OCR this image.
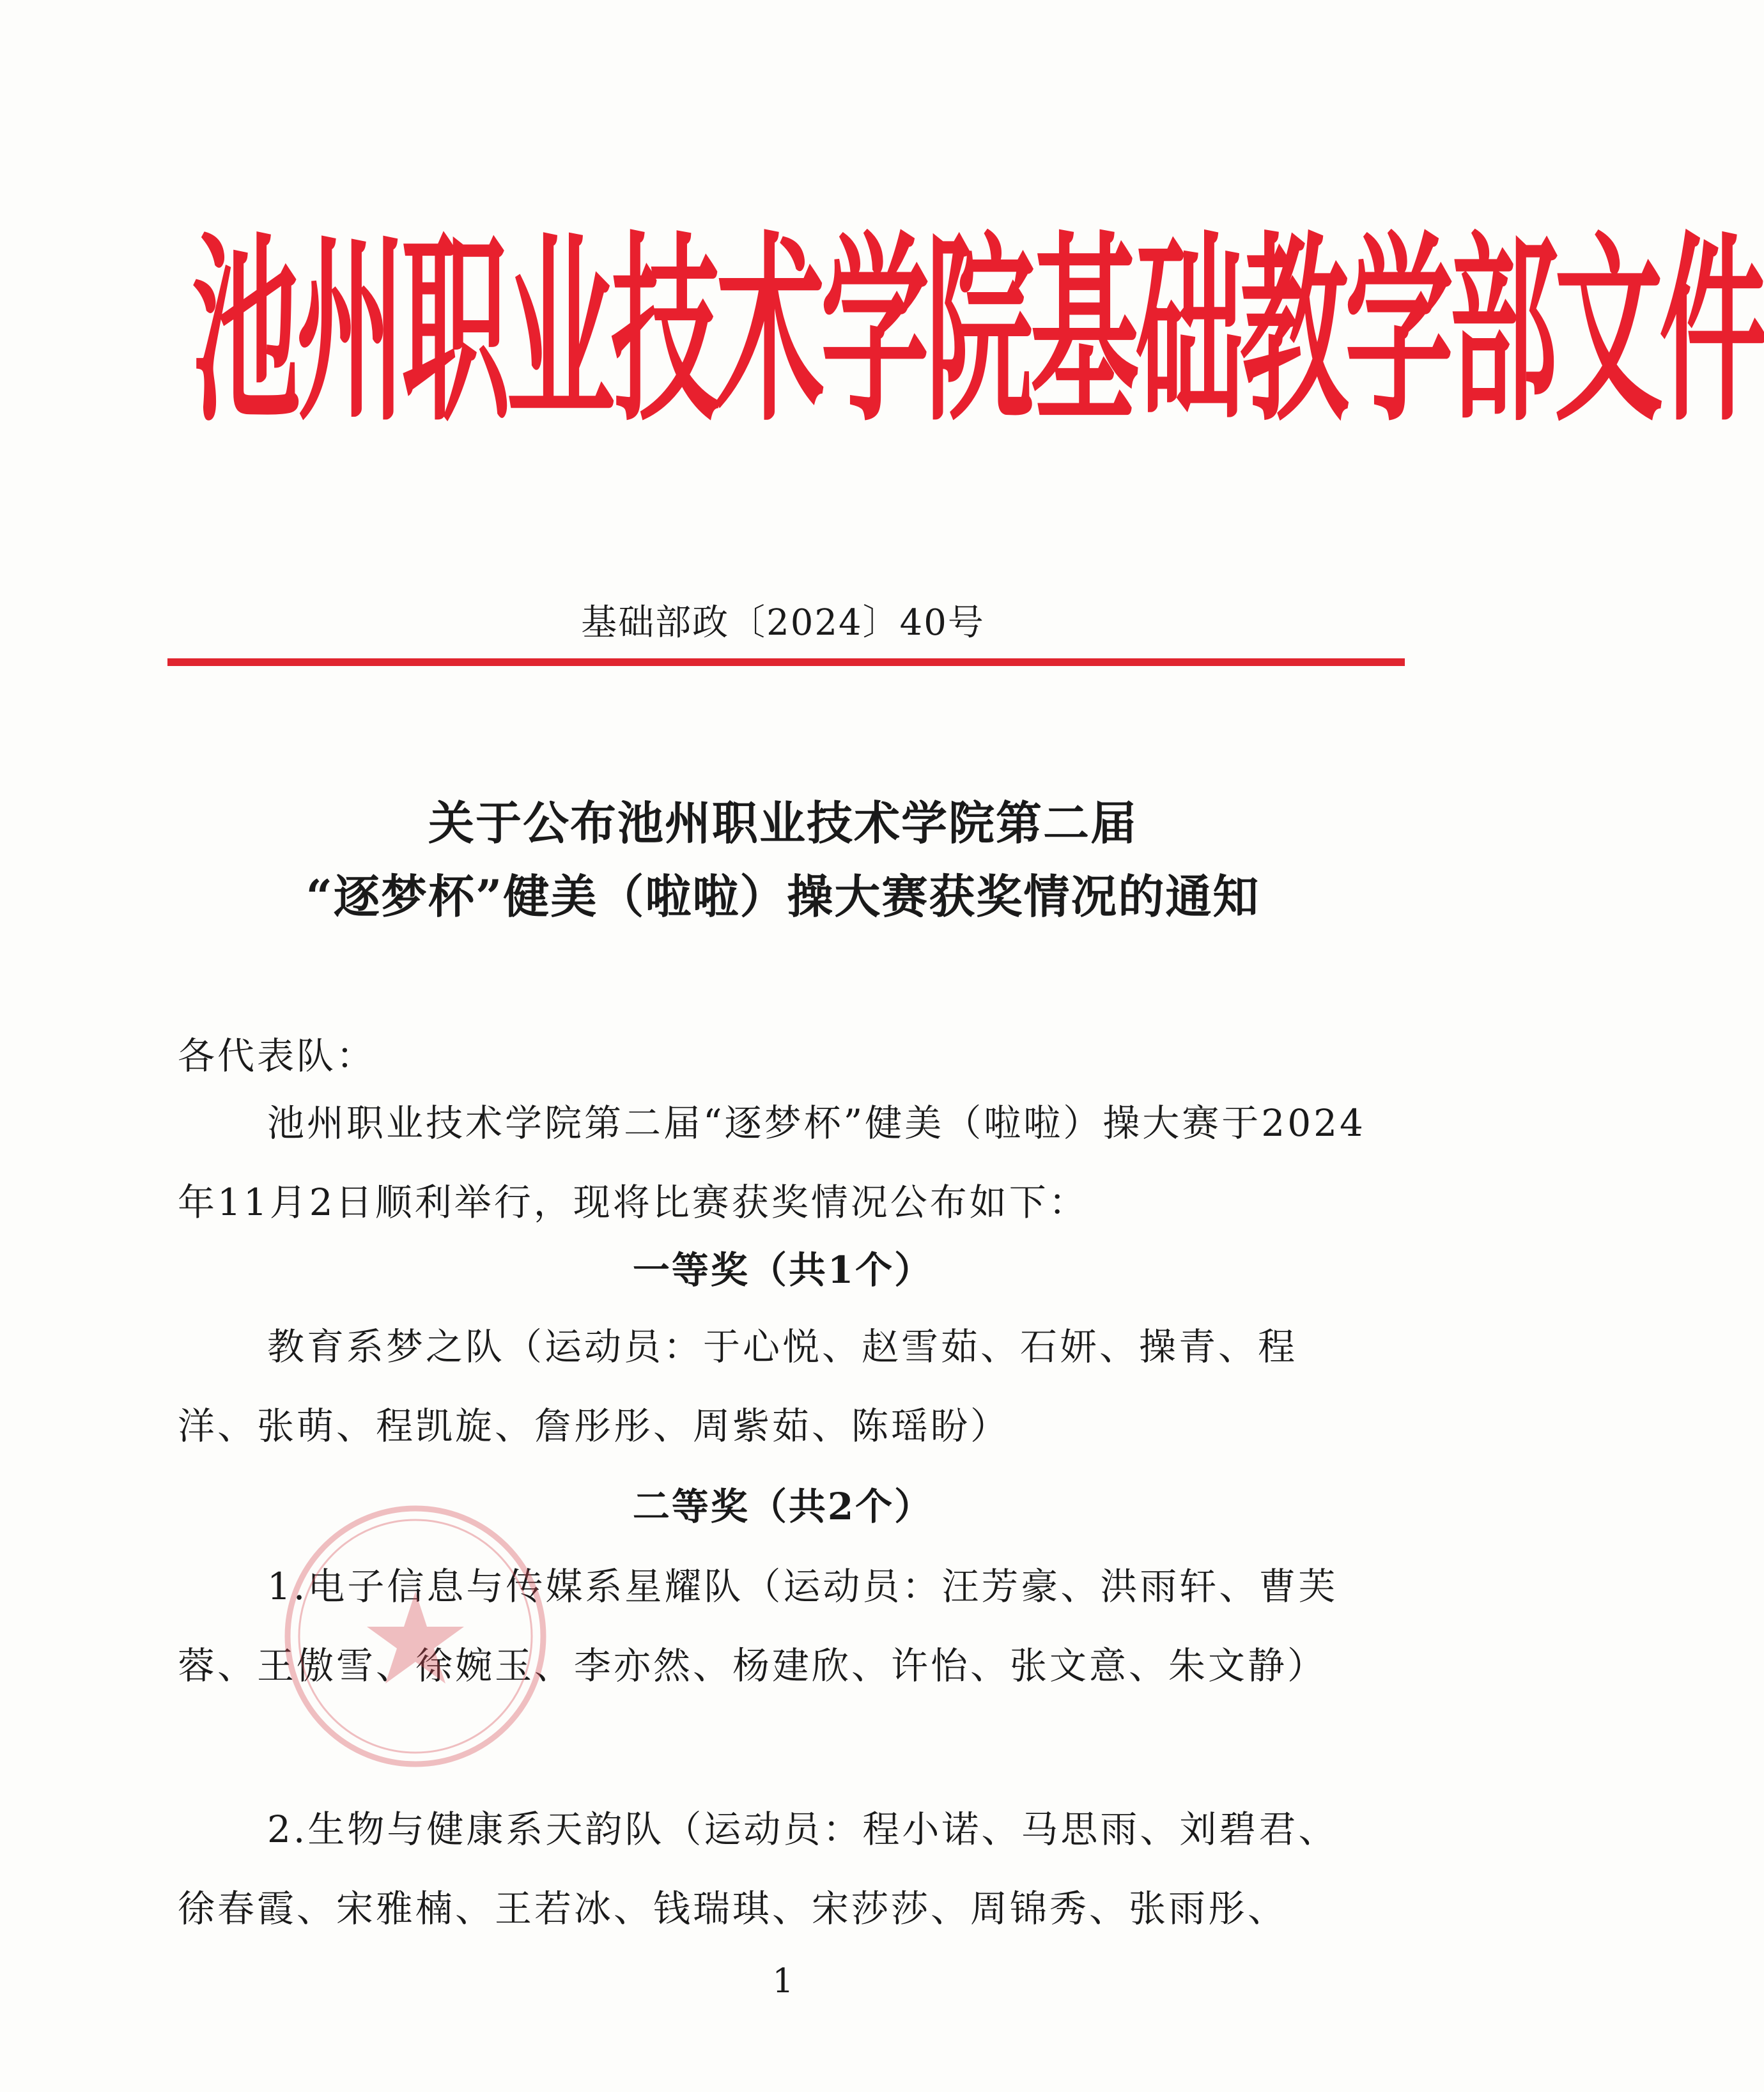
池州职业技术学院基础教学部文件
基础部政〔2024〕40号
关于公布池州职业技术学院第二届
“逐梦杯”健美（啦啦）操大赛获奖情况的通知
各代表队：
池州职业技术学院第二届“逐梦杯”健美（啦啦）操大赛于2024年11月2日顺利举行，现将比赛获奖情况公布如下：
一等奖（共1个）
教育系梦之队（运动员：于心悦、赵雪茹、石妍、操青、程洋、张萌、程凯旋、詹彤彤、周紫茹、陈瑶盼）
二等奖（共2个）
1.电子信息与传媒系星耀队（运动员：汪芳豪、洪雨轩、曹芙蓉、王傲雪、徐婉玉、李亦然、杨建欣、许怡、张文意、朱文静）
2.生物与健康系天韵队（运动员：程小诺、马思雨、刘碧君、徐春霞、宋雅楠、王若冰、钱瑞琪、宋莎莎、周锦秀、张雨彤、
1
